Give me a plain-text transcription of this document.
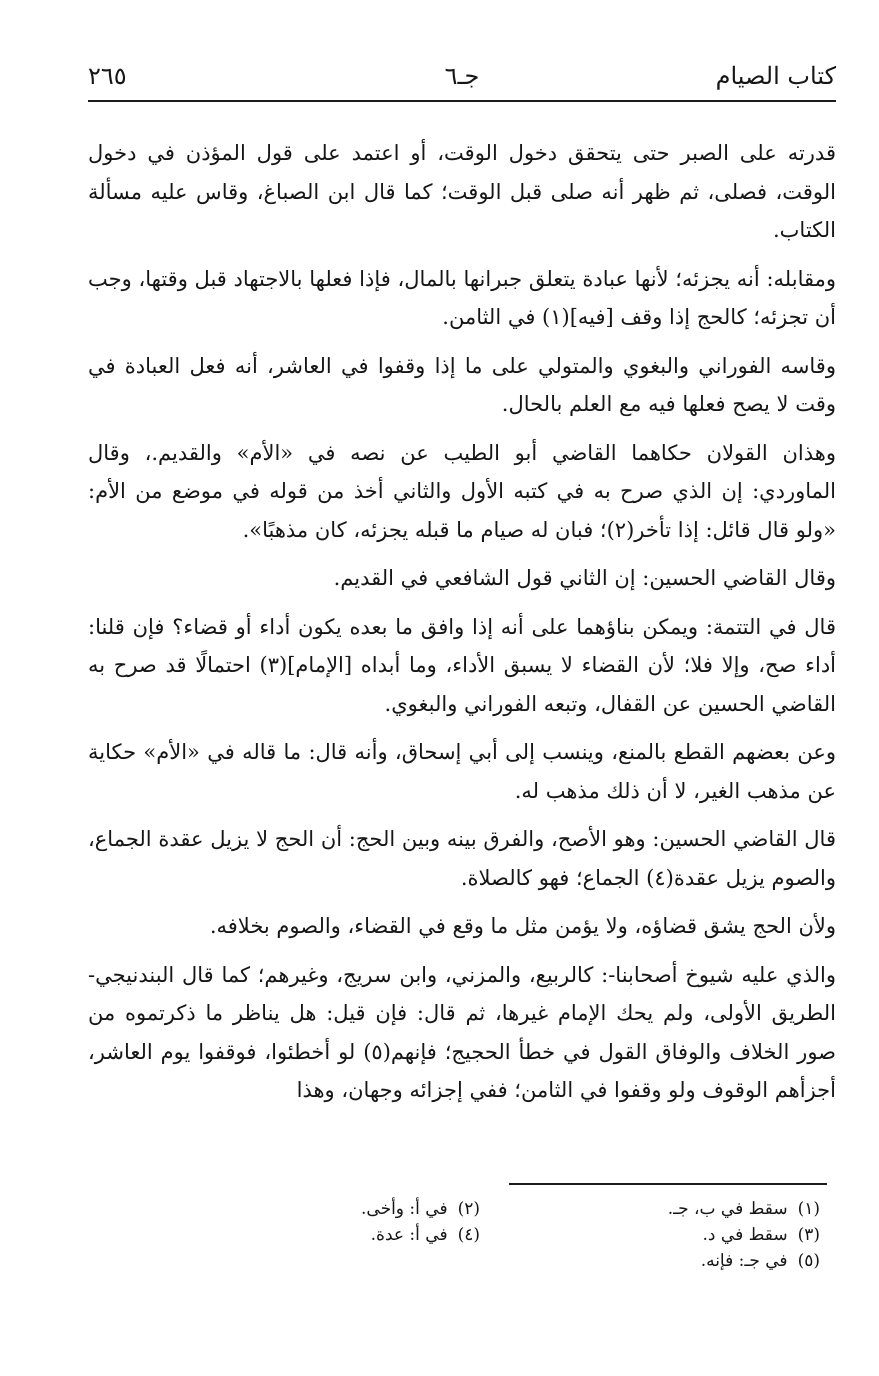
كتاب الصيام
جـ٦
٢٦٥

قدرته على الصبر حتى يتحقق دخول الوقت، أو اعتمد على قول المؤذن في دخول الوقت، فصلى، ثم ظهر أنه صلى قبل الوقت؛ كما قال ابن الصباغ، وقاس عليه مسألة الكتاب.

ومقابله: أنه يجزئه؛ لأنها عبادة يتعلق جبرانها بالمال، فإذا فعلها بالاجتهاد قبل وقتها، وجب أن تجزئه؛ كالحج إذا وقف [فيه](١) في الثامن.

وقاسه الفوراني والبغوي والمتولي على ما إذا وقفوا في العاشر، أنه فعل العبادة في وقت لا يصح فعلها فيه مع العلم بالحال.

وهذان القولان حكاهما القاضي أبو الطيب عن نصه في «الأم» والقديم.، وقال الماوردي: إن الذي صرح به في كتبه الأول والثاني أخذ من قوله في موضع من الأم: «ولو قال قائل: إذا تأخر(٢)؛ فبان له صيام ما قبله يجزئه، كان مذهبًا».

وقال القاضي الحسين: إن الثاني قول الشافعي في القديم.

قال في التتمة: ويمكن بناؤهما على أنه إذا وافق ما بعده يكون أداء أو قضاء؟ فإن قلنا: أداء صح، وإلا فلا؛ لأن القضاء لا يسبق الأداء، وما أبداه [الإمام](٣) احتمالًا قد صرح به القاضي الحسين عن القفال، وتبعه الفوراني والبغوي.

وعن بعضهم القطع بالمنع، وينسب إلى أبي إسحاق، وأنه قال: ما قاله في «الأم» حكاية عن مذهب الغير، لا أن ذلك مذهب له.

قال القاضي الحسين: وهو الأصح، والفرق بينه وبين الحج: أن الحج لا يزيل عقدة الجماع، والصوم يزيل عقدة(٤) الجماع؛ فهو كالصلاة.

ولأن الحج يشق قضاؤه، ولا يؤمن مثل ما وقع في القضاء، والصوم بخلافه.

والذي عليه شيوخ أصحابنا-: كالربيع، والمزني، وابن سريج، وغيرهم؛ كما قال البندنيجي- الطريق الأولى، ولم يحك الإمام غيرها، ثم قال: فإن قيل: هل يناظر ما ذكرتموه من صور الخلاف والوفاق القول في خطأ الحجيج؛ فإنهم(٥) لو أخطئوا، فوقفوا يوم العاشر، أجزأهم الوقوف ولو وقفوا في الثامن؛ ففي إجزائه وجهان، وهذا

(١)سقط في ب، جـ.
(٢)في أ: وأخى.
(٣)سقط في د.
(٤)في أ: عدة.
(٥)في جـ: فإنه.
